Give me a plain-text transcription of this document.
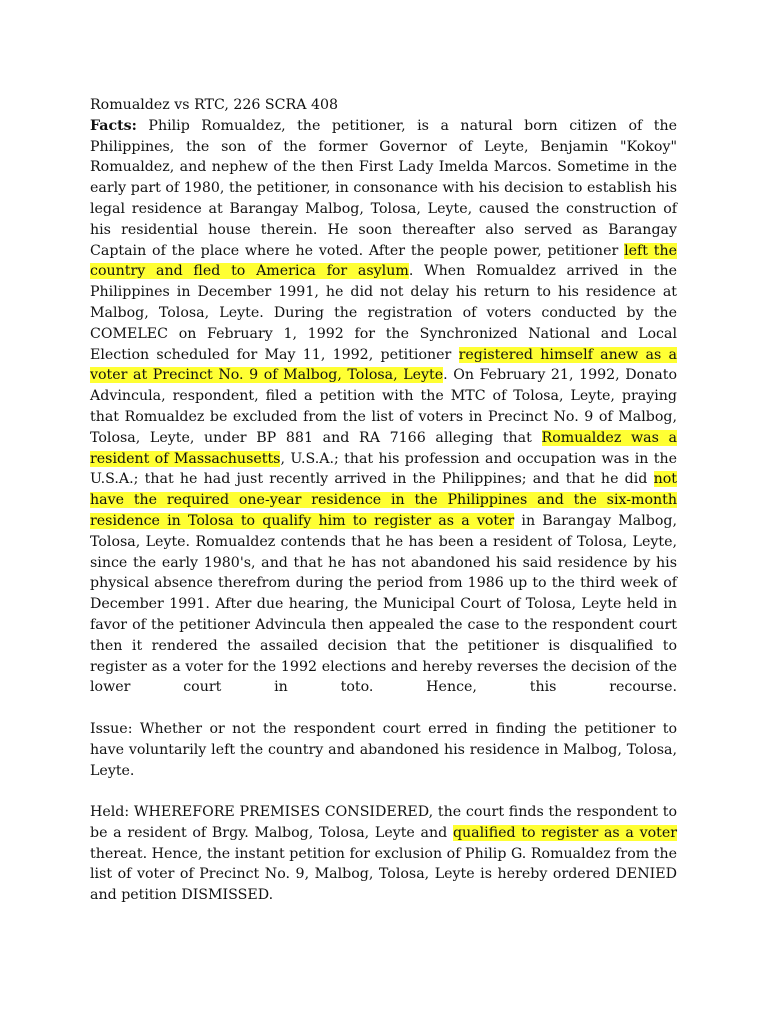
Romualdez vs RTC, 226 SCRA 408

Facts: Philip Romualdez, the petitioner, is a natural born citizen of the Philippines, the son of the former Governor of Leyte, Benjamin "Kokoy" Romualdez, and nephew of the then First Lady Imelda Marcos. Sometime in the early part of 1980, the petitioner, in consonance with his decision to establish his legal residence at Barangay Malbog, Tolosa, Leyte, caused the construction of his residential house therein. He soon thereafter also served as Barangay Captain of the place where he voted. After the people power, petitioner left the country and fled to America for asylum. When Romualdez arrived in the Philippines in December 1991, he did not delay his return to his residence at Malbog, Tolosa, Leyte. During the registration of voters conducted by the COMELEC on February 1, 1992 for the Synchronized National and Local Election scheduled for May 11, 1992, petitioner registered himself anew as a voter at Precinct No. 9 of Malbog, Tolosa, Leyte. On February 21, 1992, Donato Advincula, respondent, filed a petition with the MTC of Tolosa, Leyte, praying that Romualdez be excluded from the list of voters in Precinct No. 9 of Malbog, Tolosa, Leyte, under BP 881 and RA 7166 alleging that Romualdez was a resident of Massachusetts, U.S.A.; that his profession and occupation was in the U.S.A.; that he had just recently arrived in the Philippines; and that he did not have the required one-year residence in the Philippines and the six-month residence in Tolosa to qualify him to register as a voter in Barangay Malbog, Tolosa, Leyte. Romualdez contends that he has been a resident of Tolosa, Leyte, since the early 1980's, and that he has not abandoned his said residence by his physical absence therefrom during the period from 1986 up to the third week of December 1991. After due hearing, the Municipal Court of Tolosa, Leyte held in favor of the petitioner Advincula then appealed the case to the respondent court then it rendered the assailed decision that the petitioner is disqualified to register as a voter for the 1992 elections and hereby reverses the decision of the lower court in toto. Hence, this recourse.

Issue: Whether or not the respondent court erred in finding the petitioner to have voluntarily left the country and abandoned his residence in Malbog, Tolosa, Leyte.

Held: WHEREFORE PREMISES CONSIDERED, the court finds the respondent to be a resident of Brgy. Malbog, Tolosa, Leyte and qualified to register as a voter thereat. Hence, the instant petition for exclusion of Philip G. Romualdez from the list of voter of Precinct No. 9, Malbog, Tolosa, Leyte is hereby ordered DENIED and petition DISMISSED.
